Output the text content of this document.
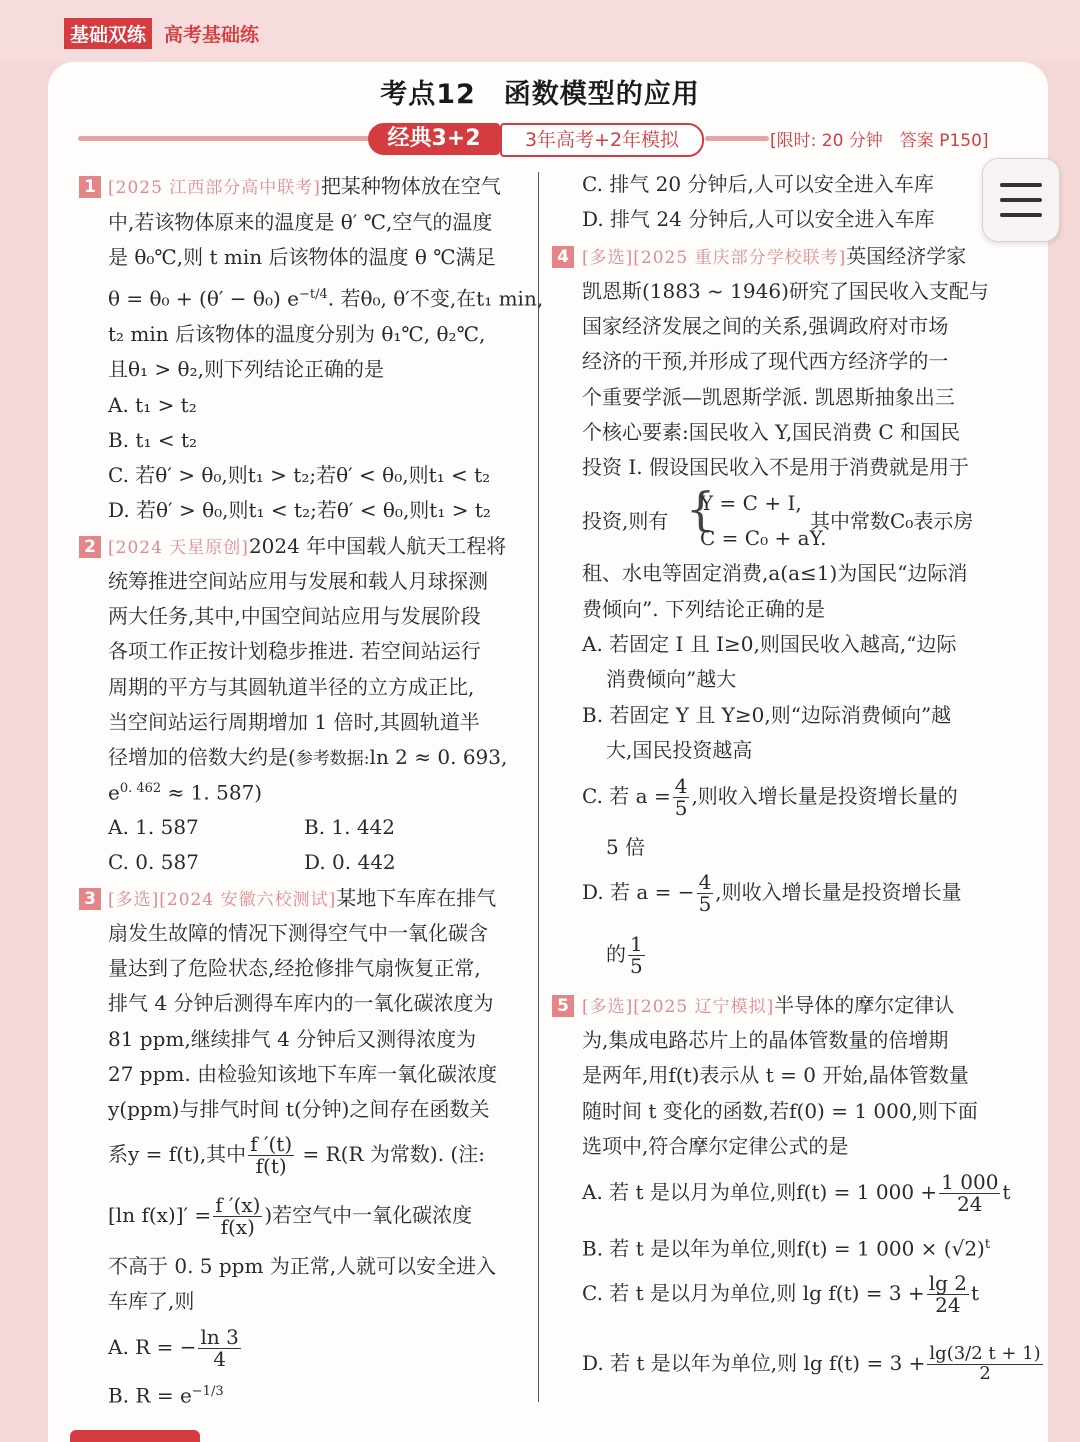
基础双练 高考基础练
考点12　函数模型的应用
经典3+2	3年高考+2年模拟	[限时: 20 分钟　答案 P150]
1 [2025 江西部分高中联考]把某种物体放在空气
中,若该物体原来的温度是 θ′ ℃,空气的温度
是 θ₀℃,则 t min 后该物体的温度 θ ℃满足
θ = θ₀ + (θ′ − θ₀) $e^{-t/4}$. 若θ₀, θ′不变,在t₁ min,
t₂ min 后该物体的温度分别为 θ₁℃, θ₂℃,
且θ₁ > θ₂,则下列结论正确的是
A. t₁ > t₂
B. t₁ < t₂
C. 若θ′ > θ₀,则t₁ > t₂;若θ′ < θ₀,则t₁ < t₂
D. 若θ′ > θ₀,则t₁ < t₂;若θ′ < θ₀,则t₁ > t₂
2 [2024 天星原创]2024 年中国载人航天工程将
统筹推进空间站应用与发展和载人月球探测
两大任务,其中,中国空间站应用与发展阶段
各项工作正按计划稳步推进. 若空间站运行
周期的平方与其圆轨道半径的立方成正比,
当空间站运行周期增加 1 倍时,其圆轨道半
径增加的倍数大约是(参考数据:ln 2 ≈ 0. 693,
$e^{0. 462} \approx 1$. 587)
A. 1. 587	B. 1. 442
C. 0. 587	D. 0. 442
3 [多选][2024 安徽六校测试]某地下车库在排气
扇发生故障的情况下测得空气中一氧化碳含
量达到了危险状态,经抢修排气扇恢复正常,
排气 4 分钟后测得车库内的一氧化碳浓度为
81 ppm,继续排气 4 分钟后又测得浓度为
27 ppm. 由检验知该地下车库一氧化碳浓度
y(ppm)与排气时间 t(分钟)之间存在函数关
系y = f(t),其中 $\frac{f '(t)}{f(t)} = R(R$ 为常数). (注:
[ln $f(x)]' = \frac{f '(x)}{f(x)}$ )若空气中一氧化碳浓度
不高于 0. 5 ppm 为正常,人就可以安全进入
车库了,则
A. R = − $\frac{\ln 3}{4}$
B. $R = e^{-1/3}$
C. 排气 20 分钟后,人可以安全进入车库
D. 排气 24 分钟后,人可以安全进入车库
4 [多选][2025 重庆部分学校联考]英国经济学家
凯恩斯(1883 ~ 1946)研究了国民收入支配与
国家经济发展之间的关系,强调政府对市场
经济的干预,并形成了现代西方经济学的一
个重要学派—凯恩斯学派. 凯恩斯抽象出三
个核心要素:国民收入 Y,国民消费 C 和国民
投资 I. 假设国民收入不是用于消费就是用于
投资,则有 {
Y = C + I,
C = C₀ + aY.
其中常数C₀表示房
租、水电等固定消费,a(a≤1)为国民“边际消
费倾向”. 下列结论正确的是
A. 若固定 I 且 I≥0,则国民收入越高,“边际
消费倾向”越大
B. 若固定 Y 且 Y≥0,则“边际消费倾向”越
大,国民投资越高
C. 若 $a = \frac{4}{5}$ ,则收入增长量是投资增长量的
5 倍
D. 若 a = − $\frac{4}{5}$ ,则收入增长量是投资增长量
的 $\frac{1}{5}$
5 [多选][2025 辽宁模拟]半导体的摩尔定律认
为,集成电路芯片上的晶体管数量的倍增期
是两年,用f(t)表示从 t = 0 开始,晶体管数量
随时间 t 变化的函数,若f(0) = 1 000,则下面
选项中,符合摩尔定律公式的是
A. 若 t 是以月为单位,则f(t) = 1 $000 + \frac{1 000}{24}$ t
B. 若 t 是以年为单位,则f(t) = 1 $000 \times (√2)^t$
C. 若 t 是以月为单位,则 $\lg f(t) = 3 + \frac{\lg 2}{24}$ t
D. 若 t 是以年为单位,则 $\lg f(t) = 3 + \frac{\lg(3/2 t + 1)}{2}$
